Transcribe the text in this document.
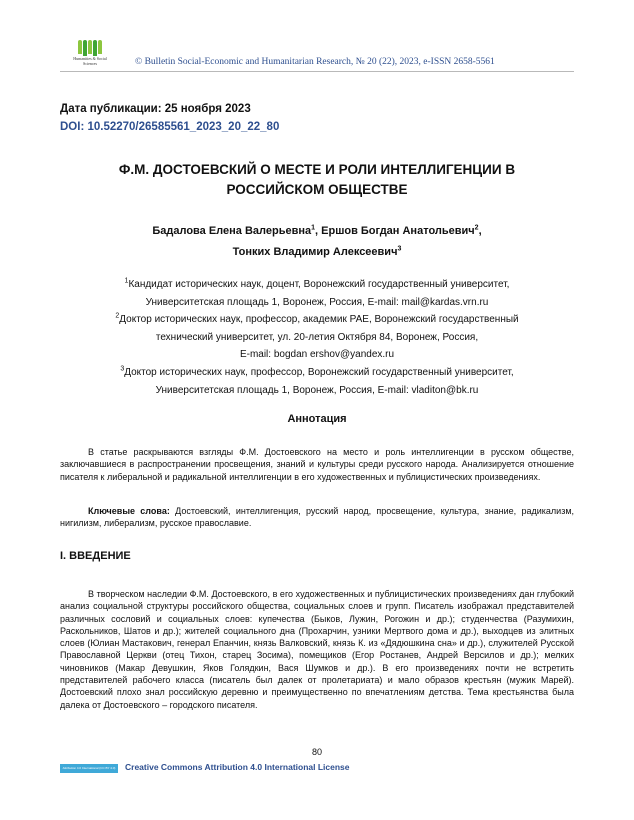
Humanities & Social
Sciences	© Bulletin Social-Economic and Humanitarian Research, № 20 (22), 2023, e-ISSN 2658-5561
Дата публикации: 25 ноября 2023
DOI: 10.52270/26585561_2023_20_22_80
Ф.М. ДОСТОЕВСКИЙ О МЕСТЕ И РОЛИ ИНТЕЛЛИГЕНЦИИ В
РОССИЙСКОМ ОБЩЕСТВЕ
Бадалова Елена Валерьевна$^1$, Ершов Богдан Анатольевич$^2$,
Тонких Владимир Алексеевич$^3$
$^1$Кандидат исторических наук, доцент, Воронежский государственный университет,
Университетская площадь 1, Воронеж, Россия, E-mail: mail@kardas.vrn.ru
$^2$Доктор исторических наук, профессор, академик РАЕ, Воронежский государственный
технический университет, ул. 20-летия Октября 84, Воронеж, Россия,
E-mail: bogdan ershov@yandex.ru
$^3$Доктор исторических наук, профессор, Воронежский государственный университет,
Университетская площадь 1, Воронеж, Россия, E-mail: vladiton@bk.ru
Аннотация
В статье раскрываются взгляды Ф.М. Достоевского на место и роль интеллигенции в русском обществе, заключавшиеся в распространении просвещения, знаний и культуры среди русского народа. Анализируется отношение писателя к либеральной и радикальной интеллигенции в его художественных и публицистических произведениях.
Ключевые слова: Достоевский, интеллигенция, русский народ, просвещение, культура, знание, радикализм, нигилизм, либерализм, русское православие.
I. ВВЕДЕНИЕ
В творческом наследии Ф.М. Достоевского, в его художественных и публицистических произведениях дан глубокий анализ социальной структуры российского общества, социальных слоев и групп. Писатель изображал представителей различных сословий и социальных слоев: купечества (Быков, Лужин, Рогожин и др.); студенчества (Разумихин, Раскольников, Шатов и др.); жителей социального дна (Прохарчин, узники Мертвого дома и др.), выходцев из элитных слоев (Юлиан Мастакович, генерал Епанчин, князь Валковский, князь К. из «Дядюшкина сна» и др.), служителей Русской Православной Церкви (отец Тихон, старец Зосима), помещиков (Егор Ростанев, Андрей Версилов и др.); мелких чиновников (Макар Девушкин, Яков Голядкин, Вася Шумков и др.). В его произведениях почти не встретить представителей рабочего класса (писатель был далек от пролетариата) и мало образов крестьян (мужик Марей). Достоевский плохо знал российскую деревню и преимущественно по впечатлениям детства. Тема крестьянства была далека от Достоевского – городского писателя.
80
Attribution 4.0 International (CC BY 4.0)	Creative Commons Attribution 4.0 International License
